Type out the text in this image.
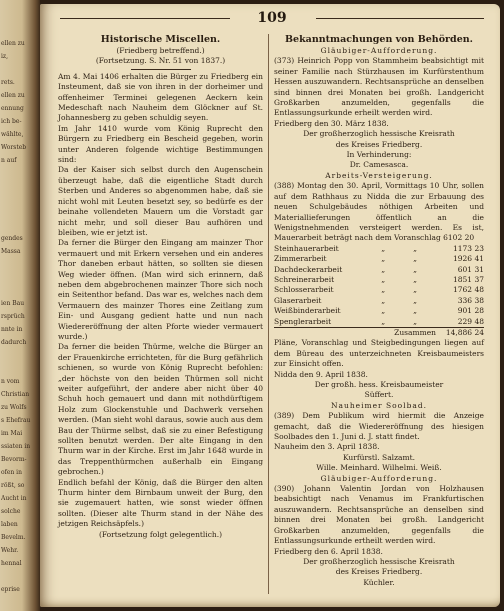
ellen zu
iz,
rets.
ellen zu
ennung
ich be-
wählte,
Worsteb
n auf
gendes
Massa
ien Bau
rsprüch
nnte in
dadurch
n vom
Christian
zu Wolfs
s Ehefrau
im Mai
ssiaten in
Bevorm-
ofen in
rößt, so
Aucht in
solche
laben
Bevelm.
Wehr.
hennal
eprise
109

Historische Miscellen.

(Friedberg betreffend.)

(Fortsetzung. S. Nr. 51 von 1837.)

Am 4. Mai 1406 erhalten die Bürger zu Friedberg ein Insteument, daß sie von ihren in der dorheimer und offenheimer Terminei gelegenen Aeckern kein Medeschaft nach Nauheim dem Glöckner auf St. Johannesberg zu geben schuldig seyen.

Im Jahr 1410 wurde vom König Ruprecht den Bürgern zu Friedberg ein Bescheid gegeben, worin unter Anderen folgende wichtige Bestimmungen sind:

Da der Kaiser sich selbst durch den Augenschein überzeugt habe, daß die eigentliche Stadt durch Sterben und Anderes so abgenommen habe, daß sie nicht wohl mit Leuten besetzt sey, so bedürfe es der beinahe vollendeten Mauern um die Vorstadt gar nicht mehr, und soll dieser Bau aufhören und bleiben, wie er jetzt ist.

Da ferner die Bürger den Eingang am mainzer Thor vermauert und mit Erkern versehen und ein anderes Thor daneben erbaut hätten, so sollten sie diesen Weg wieder öffnen. (Man wird sich erinnern, daß neben dem abgebrochenen mainzer Thore sich noch ein Seitenthor befand. Das war es, welches nach dem Vermauern des mainzer Thores eine Zeitlang zum Ein- und Ausgang gedient hatte und nun nach Wiedereröffnung der alten Pforte wieder vermauert wurde.)

Da ferner die beiden Thürme, welche die Bürger an der Frauenkirche errichteten, für die Burg gefährlich schienen, so wurde von König Ruprecht befohlen: „der höchste von den beiden Thürmen soll nicht weiter aufgeführt, der andere aber nicht über 40 Schuh hoch gemauert und dann mit nothdürftigem Holz zum Glockenstuhle und Dachwerk versehen werden. (Man sieht wohl daraus, sowie auch aus dem Bau der Thürme selbst, daß sie zu einer Befestigung sollten benutzt werden. Der alte Eingang in den Thurm war in der Kirche. Erst im Jahr 1648 wurde in das Treppenthürmchen außerhalb ein Eingang gebrochen.)

Endlich befahl der König, daß die Bürger den alten Thurm hinter dem Birnbaum unweit der Burg, den sie zugemauert hatten, wie sonst wieder öffnen sollten. (Dieser alte Thurm stand in der Nähe des jetzigen Reichsäpfels.)

(Fortsetzung folgt gelegentlich.)

Bekanntmachungen von Behörden.

Gläubiger-Aufforderung.

(373) Heinrich Popp von Stammheim beabsichtigt mit seiner Familie nach Stürzhausen im Kurfürstenthum Hessen auszuwandern. Rechtsansprüche an denselben sind binnen drei Monaten bei großh. Landgericht Großkarben anzumelden, gegenfalls die Entlassungsurkunde erheilt werden wird.

Friedberg den 30. März 1838.

Der großherzoglich hessische Kreisrath

des Kreises Friedberg.

In Verhinderung:

Dr. Camesasca.

Arbeits-Versteigerung.

(388) Montag den 30. April, Vormittags 10 Uhr, sollen auf dem Rathhaus zu Nidda die zur Erbauung des neuen Schulgebäudes nöthigen Arbeiten und Materiallieferungen öffentlich an die Wenigstnehmenden versteigert werden. Es ist, Mauerarbeit beträgt nach dem Voranschlag 6102 20

Steinhauerarbeit	„	„	1173 23
Zimmerarbeit	„	„	1926 41
Dachdeckerarbeit	„	„	601 31
Schreinerarbeit	„	„	1851 37
Schlosserarbeit	„	„	1762 48
Glaserarbeit	„	„	336 38
Weißbinderarbeit	„	„	901 28
Spenglerarbeit	„	„	229 48
		Zusammen	14,886 24

Pläne, Voranschlag und Steigbedingungen liegen auf dem Büreau des unterzeichneten Kreisbaumeisters zur Einsicht offen.

Nidda den 9. April 1838.

Der großh. hess. Kreisbaumeister

Süffert.

Nauheimer Soolbad.

(389) Dem Publikum wird hiermit die Anzeige gemacht, daß die Wiedereröffnung des hiesigen Soolbades den 1. Juni d. J. statt findet.

Nauheim den 3. April 1838.

Kurfürstl. Salzamt.

Wille. Meinhard. Wilhelmi. Weiß.

Gläubiger-Aufforderung.

(390) Johann Valentin Jordan von Holzhausen beabsichtigt nach Venamus im Frankfurtischen auszuwandern. Rechtsansprüche an denselben sind binnen drei Monaten bei großh. Landgericht Großkarben anzumelden, gegenfalls die Entlassungsurkunde ertheilt werden wird.

Friedberg den 6. April 1838.

Der großherzoglich hessische Kreisrath

des Kreises Friedberg.

Küchler.
